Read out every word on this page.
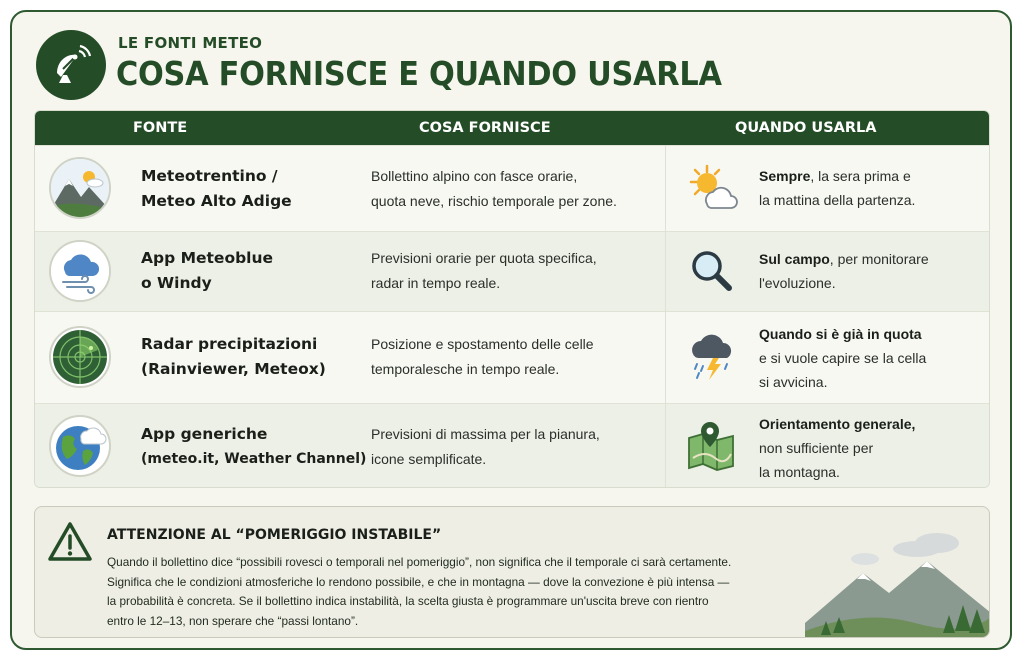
LE FONTI METEO
COSA FORNISCE E QUANDO USARLA
FONTE	COSA FORNISCE	QUANDO USARLA
Meteotrentino /
Meteo Alto Adige
Bollettino alpino con fasce orarie,
quota neve, rischio temporale per zone.
Sempre, la sera prima e
la mattina della partenza.
App Meteoblue
o Windy
Previsioni orarie per quota specifica,
radar in tempo reale.
Sul campo, per monitorare
l'evoluzione.
Radar precipitazioni
(Rainviewer, Meteox)
Posizione e spostamento delle celle
temporalesche in tempo reale.
Quando si è già in quota
e si vuole capire se la cella
si avvicina.
App generiche
(meteo.it, Weather Channel)
Previsioni di massima per la pianura,
icone semplificate.
Orientamento generale,
non sufficiente per
la montagna.
ATTENZIONE AL “POMERIGGIO INSTABILE”
Quando il bollettino dice “possibili rovesci o temporali nel pomeriggio”, non significa che il temporale ci sarà certamente.
Significa che le condizioni atmosferiche lo rendono possibile, e che in montagna — dove la convezione è più intensa —
la probabilità è concreta. Se il bollettino indica instabilità, la scelta giusta è programmare un'uscita breve con rientro
entro le 12–13, non sperare che “passi lontano”.
